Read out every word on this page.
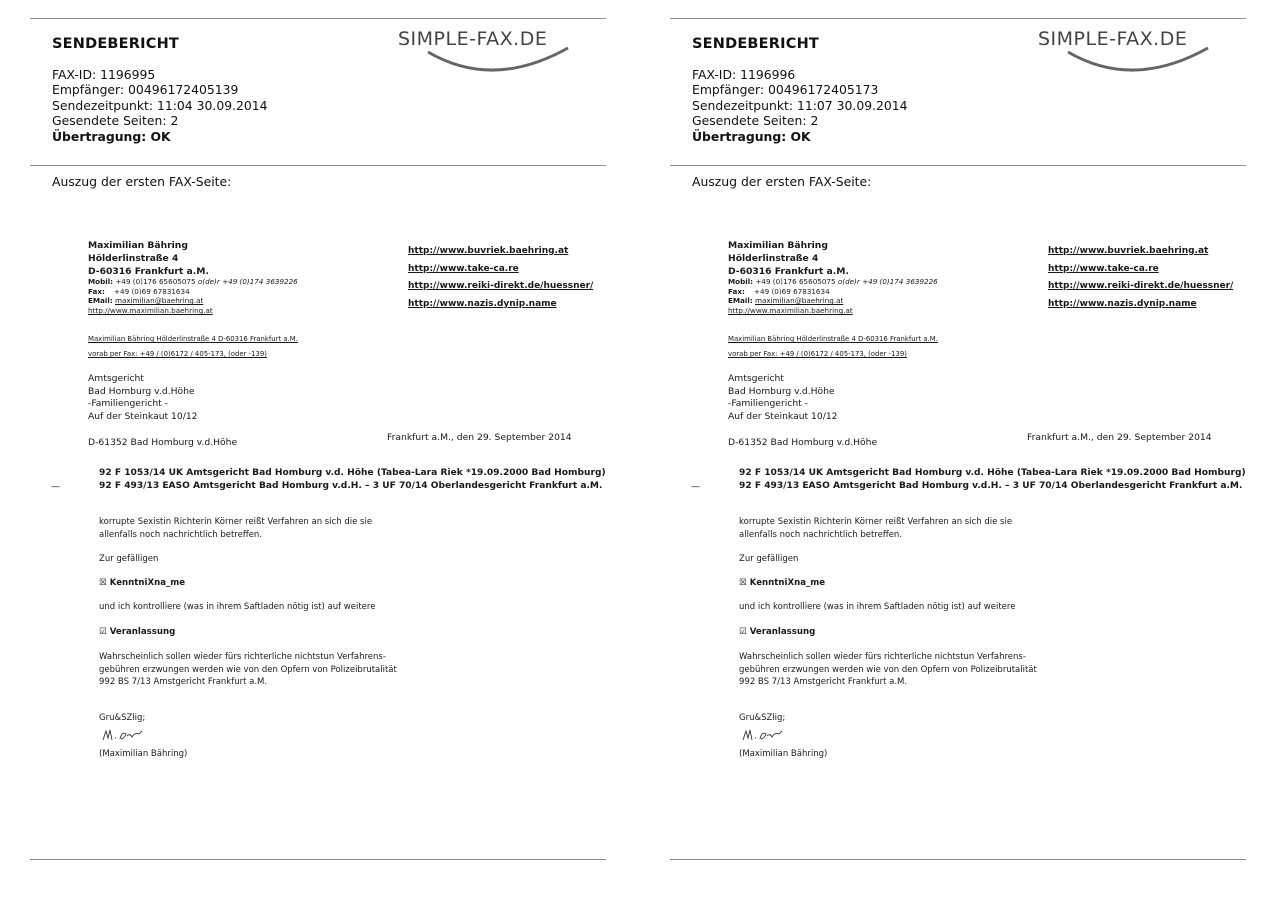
SIMPLE-FAX.DE
SENDEBERICHT
FAX-ID: 1196995
Empfänger: 00496172405139
Sendezeitpunkt: 11:04 30.09.2014
Gesendete Seiten: 2
Übertragung: OK
Auszug der ersten FAX-Seite:
Maximilian Bähring
Hölderlinstraße 4
D-60316 Frankfurt a.M.
Mobil: +49 (0)176 65605075 o(de)r +49 (0)174 3639226
Fax: +49 (0)69 67831634
EMail: maximilian@baehring.at
http://www.maximilian.baehring.at
http://www.buvriek.baehring.at
http://www.take-ca.re
http://www.reiki-direkt.de/huessner/
http://www.nazis.dynip.name
Maximilian Bähring Hölderlinstraße 4 D-60316 Frankfurt a.M.
vorab per Fax: +49 / (0)6172 / 405-173, (oder -139)
Amtsgericht
Bad Homburg v.d.Höhe
-Familiengericht -
Auf der Steinkaut 10/12
D-61352 Bad Homburg v.d.Höhe	Frankfurt a.M., den 29. September 2014
92 F 1053/14 UK Amtsgericht Bad Homburg v.d. Höhe (Tabea-Lara Riek *19.09.2000 Bad Homburg)
92 F 493/13 EASO Amtsgericht Bad Homburg v.d.H. – 3 UF 70/14 Oberlandesgericht Frankfurt a.M.
—
korrupte Sexistin Richterin Körner reißt Verfahren an sich die sie
allenfalls noch nachrichtlich betreffen.
Zur gefälligen
☒ KenntniXna_me
und ich kontrolliere (was in ihrem Saftladen nötig ist) auf weitere
☑ Veranlassung
Wahrscheinlich sollen wieder fürs richterliche nichtstun Verfahrens-
gebühren erzwungen werden wie von den Opfern von Polizeibrutalität
992 BS 7/13 Amstgericht Frankfurt a.M.
Gru&SZlig;
(Maximilian Bähring)
SIMPLE-FAX.DE
SENDEBERICHT
FAX-ID: 1196996
Empfänger: 00496172405173
Sendezeitpunkt: 11:07 30.09.2014
Gesendete Seiten: 2
Übertragung: OK
Auszug der ersten FAX-Seite:
Maximilian Bähring
Hölderlinstraße 4
D-60316 Frankfurt a.M.
Mobil: +49 (0)176 65605075 o(de)r +49 (0)174 3639226
Fax: +49 (0)69 67831634
EMail: maximilian@baehring.at
http://www.maximilian.baehring.at
http://www.buvriek.baehring.at
http://www.take-ca.re
http://www.reiki-direkt.de/huessner/
http://www.nazis.dynip.name
Maximilian Bähring Hölderlinstraße 4 D-60316 Frankfurt a.M.
vorab per Fax: +49 / (0)6172 / 405-173, (oder -139)
Amtsgericht
Bad Homburg v.d.Höhe
-Familiengericht -
Auf der Steinkaut 10/12
D-61352 Bad Homburg v.d.Höhe	Frankfurt a.M., den 29. September 2014
92 F 1053/14 UK Amtsgericht Bad Homburg v.d. Höhe (Tabea-Lara Riek *19.09.2000 Bad Homburg)
92 F 493/13 EASO Amtsgericht Bad Homburg v.d.H. – 3 UF 70/14 Oberlandesgericht Frankfurt a.M.
—
korrupte Sexistin Richterin Körner reißt Verfahren an sich die sie
allenfalls noch nachrichtlich betreffen.
Zur gefälligen
☒ KenntniXna_me
und ich kontrolliere (was in ihrem Saftladen nötig ist) auf weitere
☑ Veranlassung
Wahrscheinlich sollen wieder fürs richterliche nichtstun Verfahrens-
gebühren erzwungen werden wie von den Opfern von Polizeibrutalität
992 BS 7/13 Amstgericht Frankfurt a.M.
Gru&SZlig;
(Maximilian Bähring)
